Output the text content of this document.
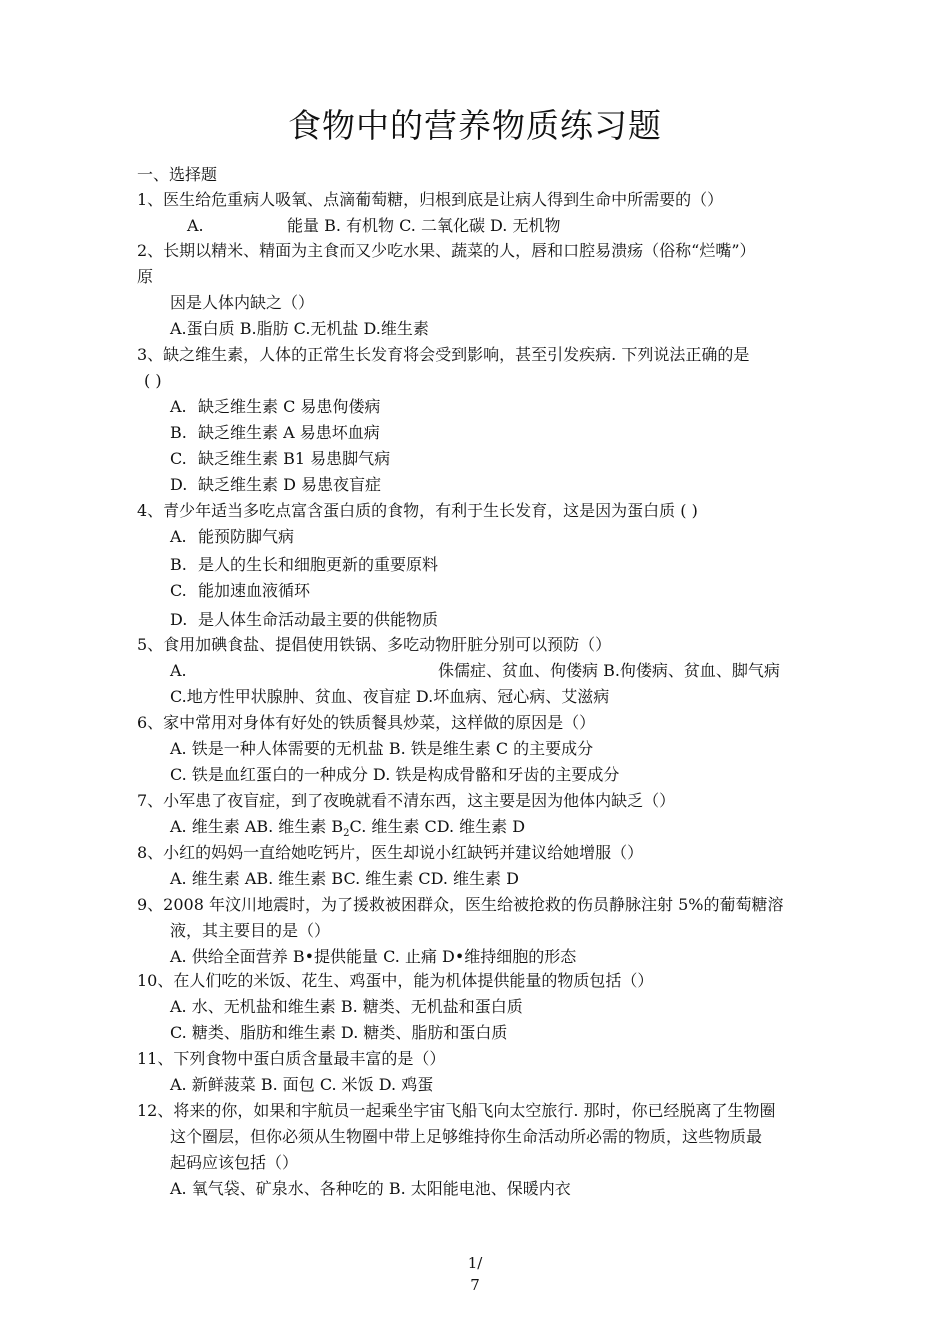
食物中的营养物质练习题
一、选择题
1、医生给危重病人吸氧、点滴葡萄糖，归根到底是让病人得到生命中所需要的（）
A.	能量 B. 有机物 C. 二氧化碳 D. 无机物
2、长期以精米、精面为主食而又少吃水果、蔬菜的人，唇和口腔易溃疡（俗称“烂嘴”）
原
因是人体内缺之（）
A.蛋白质 B.脂肪 C.无机盐 D.维生素
3、缺之维生素，人体的正常生长发育将会受到影响，甚至引发疾病. 下列说法正确的是
( )
A. 缺乏维生素 C 易患佝偻病
B. 缺乏维生素 A 易患坏血病
C. 缺乏维生素 B1 易患脚气病
D. 缺乏维生素 D 易患夜盲症
4、青少年适当多吃点富含蛋白质的食物，有利于生长发育，这是因为蛋白质 ( )
A. 能预防脚气病
B. 是人的生长和细胞更新的重要原料
C. 能加速血液循环
D. 是人体生命活动最主要的供能物质
5、食用加碘食盐、提倡使用铁锅、多吃动物肝脏分别可以预防（）
A.	侏儒症、贫血、佝偻病 B.佝偻病、贫血、脚气病
C.地方性甲状腺肿、贫血、夜盲症 D.坏血病、冠心病、艾滋病
6、家中常用对身体有好处的铁质餐具炒菜，这样做的原因是（）
A. 铁是一种人体需要的无机盐 B. 铁是维生素 C 的主要成分
C. 铁是血红蛋白的一种成分 D. 铁是构成骨骼和牙齿的主要成分
7、小军患了夜盲症，到了夜晚就看不清东西，这主要是因为他体内缺乏（）
A. 维生素 AB. 维生素 $B_2C$. 维生素 CD. 维生素 D
8、小红的妈妈一直给她吃钙片，医生却说小红缺钙并建议给她增服（）
A. 维生素 AB. 维生素 BC. 维生素 CD. 维生素 D
9、2008 年汶川地震时，为了援救被困群众，医生给被抢救的伤员静脉注射 5%的葡萄糖溶
液，其主要目的是（）
A. 供给全面营养 B•提供能量 C. 止痛 D•维持细胞的形态
10、在人们吃的米饭、花生、鸡蛋中，能为机体提供能量的物质包括（）
A. 水、无机盐和维生素 B. 糖类、无机盐和蛋白质
C. 糖类、脂肪和维生素 D. 糖类、脂肪和蛋白质
11、下列食物中蛋白质含量最丰富的是（）
A. 新鲜菠菜 B. 面包 C. 米饭 D. 鸡蛋
12、将来的你，如果和宇航员一起乘坐宇宙飞船飞向太空旅行. 那时，你已经脱离了生物圈
这个圈层，但你必须从生物圈中带上足够维持你生命活动所必需的物质，这些物质最
起码应该包括（）
A. 氧气袋、矿泉水、各种吃的 B. 太阳能电池、保暖内衣
1/
7
